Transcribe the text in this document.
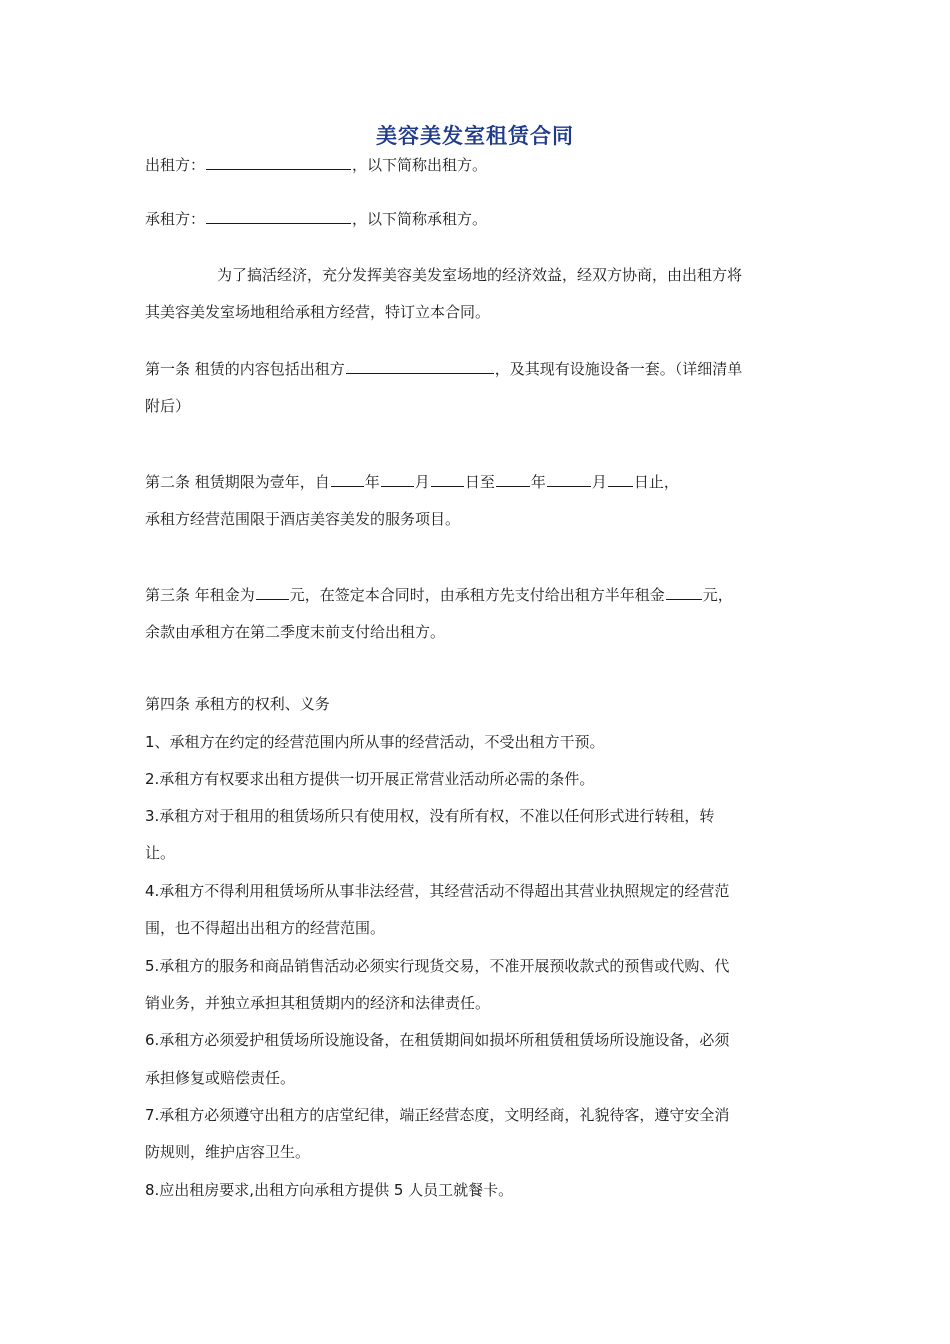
美容美发室租赁合同
出租方：	，以下简称出租方。
承租方：	，以下简称承租方。
为了搞活经济，充分发挥美容美发室场地的经济效益，经双方协商，由出租方将
其美容美发室场地租给承租方经营，特订立本合同。
第一条 租赁的内容包括出租方	，及其现有设施设备一套。（详细清单
附后）
第二条 租赁期限为壹年，自 年 月 日至 年	月 日止，
承租方经营范围限于酒店美容美发的服务项目。
第三条 年租金为 元，在签定本合同时，由承租方先支付给出租方半年租金	元，
余款由承租方在第二季度末前支付给出租方。
第四条 承租方的权利、义务
1、承租方在约定的经营范围内所从事的经营活动，不受出租方干预。
2.承租方有权要求出租方提供一切开展正常营业活动所必需的条件。
3.承租方对于租用的租赁场所只有使用权，没有所有权，不准以任何形式进行转租，转
让。
4.承租方不得利用租赁场所从事非法经营，其经营活动不得超出其营业执照规定的经营范
围，也不得超出出租方的经营范围。
5.承租方的服务和商品销售活动必须实行现货交易，不准开展预收款式的预售或代购、代
销业务，并独立承担其租赁期内的经济和法律责任。
6.承租方必须爱护租赁场所设施设备，在租赁期间如损坏所租赁租赁场所设施设备，必须
承担修复或赔偿责任。
7.承租方必须遵守出租方的店堂纪律，端正经营态度，文明经商，礼貌待客，遵守安全消
防规则，维护店容卫生。
8.应出租房要求,出租方向承租方提供 5 人员工就餐卡。
